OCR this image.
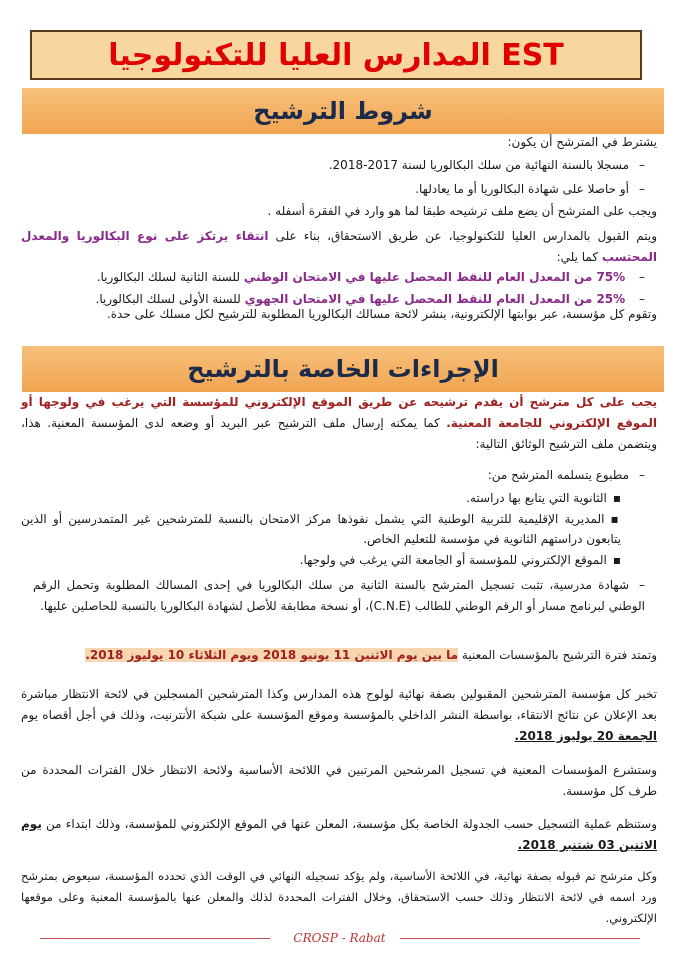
المدارس العليا للتكنولوجيا EST
شروط الترشيح
يشترط في المترشح أن يكون:
– مسجلا بالسنة النهائية من سلك البكالوريا لسنة 2017-2018.
– أو حاصلا على شهادة البكالوريا أو ما يعادلها.
ويجب على المترشح أن يضع ملف ترشيحه طبقا لما هو وارد في الفقرة أسفله .
ويتم القبول بالمدارس العليا للتكنولوجيا، عن طريق الاستحقاق، بناء على انتقاء يرتكز على نوع البكالوريا والمعدل المحتسب كما يلي:
– 75% من المعدل العام للنقط المحصل عليها في الامتحان الوطني للسنة الثانية لسلك البكالوريا.
– 25% من المعدل العام للنقط المحصل عليها في الامتحان الجهوي للسنة الأولى لسلك البكالوريا.
وتقوم كل مؤسسة، عبر بوابتها الإلكترونية، بنشر لائحة مسالك البكالوريا المطلوبة للترشيح لكل مسلك على حدة.
الإجراءات الخاصة بالترشيح
يجب على كل مترشح أن يقدم ترشيحه عن طريق الموقع الإلكتروني للمؤسسة التي يرغب في ولوجها أو الموقع الإلكتروني للجامعة المعنية. كما يمكنه إرسال ملف الترشيح عبر البريد أو وضعه لدى المؤسسة المعنية. هذا، ويتضمن ملف الترشيح الوثائق التالية:
– مطبوع يتسلمه المترشح من:
▪ الثانوية التي يتابع بها دراسته.
▪ المديرية الإقليمية للتربية الوطنية التي يشمل نفوذها مركز الامتحان بالنسبة للمترشحين غير المتمدرسين أو الذين يتابعون دراستهم الثانوية في مؤسسة للتعليم الخاص.
▪ الموقع الإلكتروني للمؤسسة أو الجامعة التي يرغب في ولوجها.
– شهادة مدرسية، تثبت تسجيل المترشح بالسنة الثانية من سلك البكالوريا في إحدى المسالك المطلوبة وتحمل الرقم الوطني لبرنامج مسار أو الرقم الوطني للطالب (C.N.E)، أو نسخة مطابقة للأصل لشهادة البكالوريا بالنسبة للحاصلين عليها.
وتمتد فترة الترشيح بالمؤسسات المعنية ما بين يوم الاثنين 11 يونيو 2018 ويوم الثلاثاء 10 يوليوز 2018.
تخبر كل مؤسسة المترشحين المقبولين بصفة نهائية لولوج هذه المدارس وكذا المترشحين المسجلين في لائحة الانتظار مباشرة بعد الإعلان عن نتائج الانتقاء، بواسطة النشر الداخلي بالمؤسسة وموقع المؤسسة على شبكة الأنترنيت، وذلك في أجل أقصاه يوم الجمعة 20 يوليوز 2018.
وستشرع المؤسسات المعنية في تسجيل المرشحين المرتبين في اللائحة الأساسية ولائحة الانتظار خلال الفترات المحددة من طرف كل مؤسسة.
وستنظم عملية التسجيل حسب الجدولة الخاصة بكل مؤسسة، المعلن عنها في الموقع الإلكتروني للمؤسسة، وذلك ابتداء من يوم الاثنين 03 شتنبر 2018.
وكل مترشح تم قبوله بصفة نهائية، في اللائحة الأساسية، ولم يؤكد تسجيله النهائي في الوقت الذي تحدده المؤسسة، سيعوض بمترشح ورد اسمه في لائحة الانتظار وذلك حسب الاستحقاق، وخلال الفترات المحددة لذلك والمعلن عنها بالمؤسسة المعنية وعلى موقعها الإلكتروني.
CROSP - Rabat
